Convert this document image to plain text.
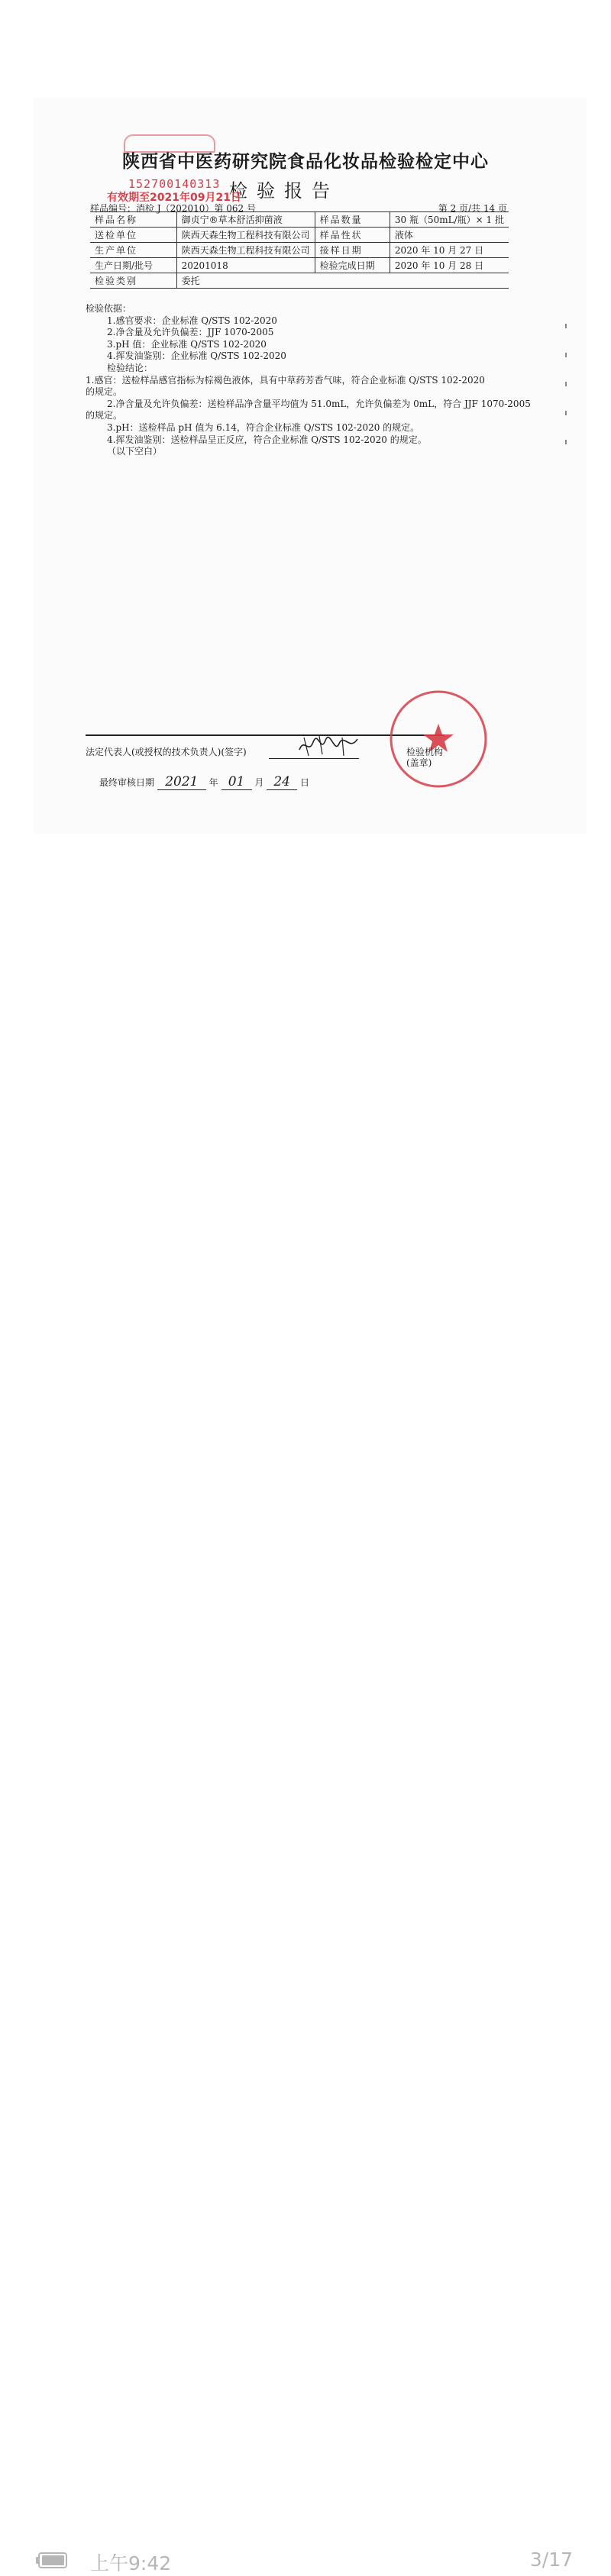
陕西省中医药研究院食品化妆品检验检定中心
152700140313 检验报告
有效期至2021年09月21日
样品编号：消检 J（202010）第 062 号	第 2 页/共 14 页
样品名称	御贞宁®草本舒活抑菌液	样品数量	30 瓶（50mL/瓶）× 1 批
送检单位	陕西天森生物工程科技有限公司	样品性状	液体
生产单位	陕西天森生物工程科技有限公司	接样日期	2020 年 10 月 27 日
生产日期/批号	20201018	检验完成日期	2020 年 10 月 28 日
检验类别	委托		

检验依据：

1.感官要求：企业标准 Q/STS 102-2020

2.净含量及允许负偏差：JJF 1070-2005

3.pH 值：企业标准 Q/STS 102-2020

4.挥发油鉴别：企业标准 Q/STS 102-2020

检验结论：

1.感官：送检样品感官指标为棕褐色液体，具有中草药芳香气味，符合企业标准 Q/STS 102-2020

的规定。

2.净含量及允许负偏差：送检样品净含量平均值为 51.0mL，允许负偏差为 0mL，符合 JJF 1070-2005

的规定。

3.pH：送检样品 pH 值为 6.14，符合企业标准 Q/STS 102-2020 的规定。

4.挥发油鉴别：送检样品呈正反应，符合企业标准 Q/STS 102-2020 的规定。

（以下空白）

法定代表人(或授权的技术负责人)(签字)
最终审核日期 2021 年 01 月 24 日
检验机构
(盖章)
上午9:42	3/17
